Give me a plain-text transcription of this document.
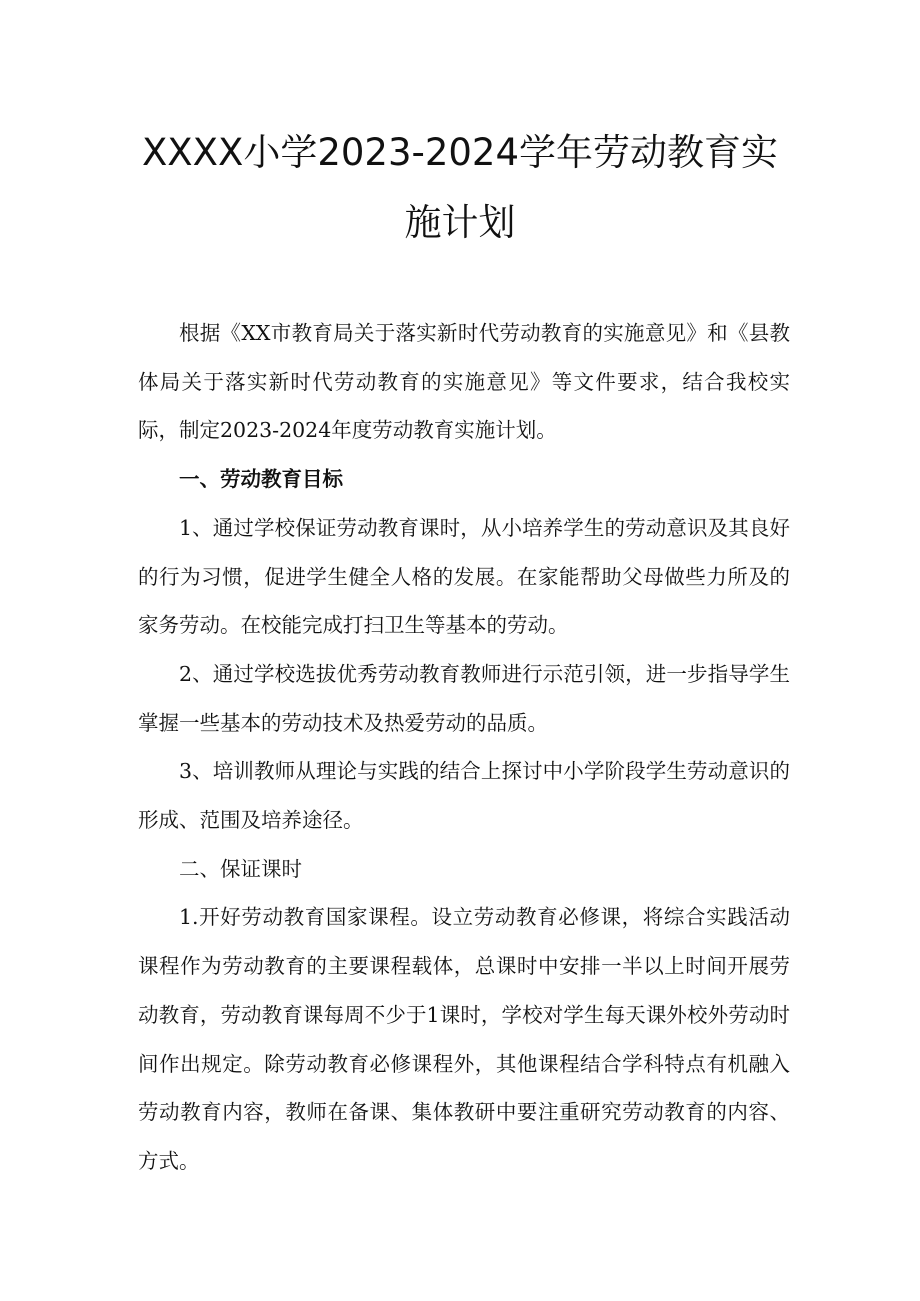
XXXX小学2023-2024学年劳动教育实
施计划

根据《XX市教育局关于落实新时代劳动教育的实施意见》和《县教体局关于落实新时代劳动教育的实施意见》等文件要求，结合我校实际，制定2023-2024年度劳动教育实施计划。

一、劳动教育目标

1、通过学校保证劳动教育课时，从小培养学生的劳动意识及其良好的行为习惯，促进学生健全人格的发展。在家能帮助父母做些力所及的家务劳动。在校能完成打扫卫生等基本的劳动。

2、通过学校选拔优秀劳动教育教师进行示范引领，进一步指导学生掌握一些基本的劳动技术及热爱劳动的品质。

3、培训教师从理论与实践的结合上探讨中小学阶段学生劳动意识的形成、范围及培养途径。

二、保证课时

1.开好劳动教育国家课程。设立劳动教育必修课，将综合实践活动课程作为劳动教育的主要课程载体，总课时中安排一半以上时间开展劳动教育，劳动教育课每周不少于1课时，学校对学生每天课外校外劳动时间作出规定。除劳动教育必修课程外，其他课程结合学科特点有机融入劳动教育内容，教师在备课、集体教研中要注重研究劳动教育的内容、方式。
